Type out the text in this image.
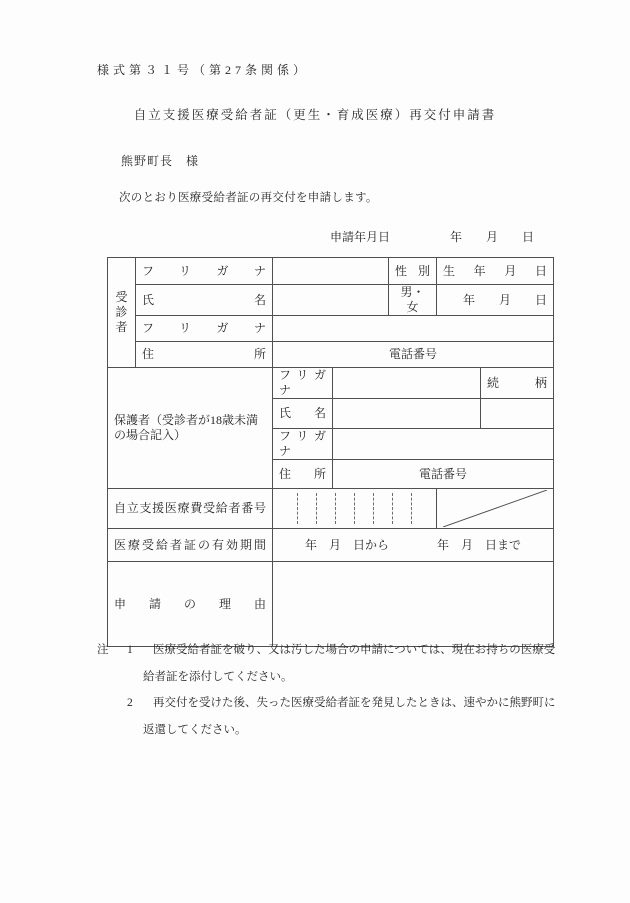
様式第３１号（第27条関係）
自立支援医療受給者証（更生・育成医療）再交付申請書
熊野町長　様
次のとおり医療受給者証の再交付を申請します。
申請年月日　　　　　年　　月　　日
受診者	フリガナ			性別	生年月日	
	氏名			男・女	年　　月　　日	
	フリガナ					
	住所	電話番号				
保護者（受診者が18歳未満の場合記入）		フリガナ				続柄
		氏名				
		フリガナ				
		住所	電話番号			
自立支援医療費受給者番号	

医療受給者証の有効期間		年　月　日から　　　　年　月　日まで				
申請の理由						
注	1	医療受給者証を破り、又は汚した場合の申請については、現在お持ちの医療受給者証を添付してください。
2	再交付を受けた後、失った医療受給者証を発見したときは、速やかに熊野町に返還してください。
